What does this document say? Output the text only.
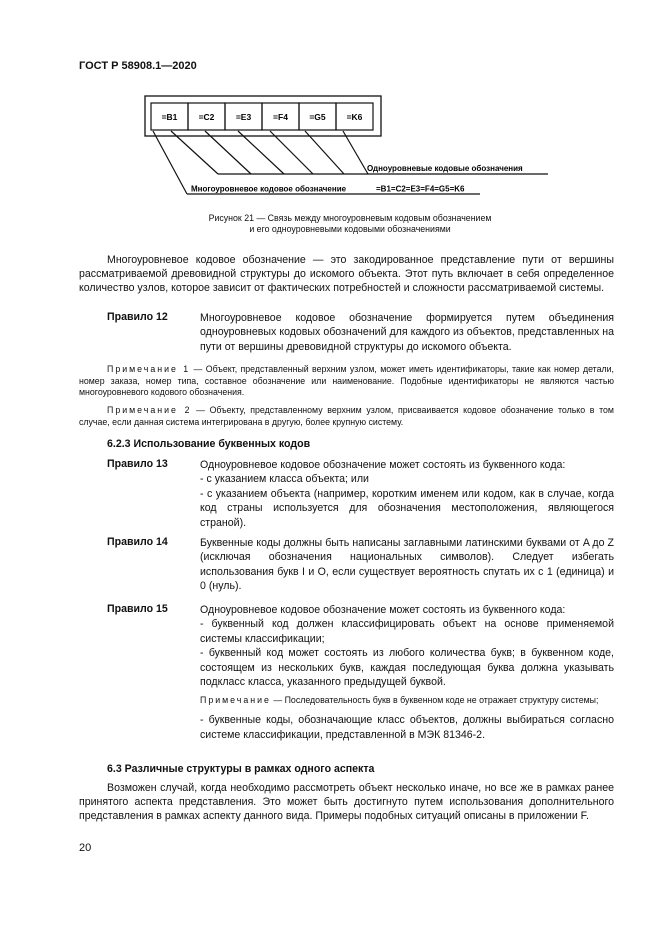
ГОСТ Р 58908.1—2020
=B1 =C2	=E3	=F4	=G5 =K6
Одноуровневые кодовые обозначения
Многоуровневое кодовое обозначение	=B1=C2=E3=F4=G5=K6
Рисунок 21 — Связь между многоуровневым кодовым обозначением
и его одноуровневыми кодовыми обозначениями

Многоуровневое кодовое обозначение — это закодированное представление пути от вершины рассматриваемой древовидной структуры до искомого объекта. Этот путь включает в себя определенное количество узлов, которое зависит от фактических потребностей и сложности рассматриваемой системы.

Правило 12	Многоуровневое кодовое обозначение формируется путем объединения одноуровневых кодовых обозначений для каждого из объектов, представленных на пути от вершины древовидной структуры до искомого объекта.

Примечание 1 — Объект, представленный верхним узлом, может иметь идентификаторы, такие как номер детали, номер заказа, номер типа, составное обозначение или наименование. Подобные идентификаторы не являются частью многоуровневого кодового обозначения.

Примечание 2 — Объекту, представленному верхним узлом, присваивается кодовое обозначение только в том случае, если данная система интегрирована в другую, более крупную систему.

6.2.3 Использование буквенных кодов
Правило 13	Одноуровневое кодовое обозначение может состоять из буквенного кода:
- с указанием класса объекта; или
- с указанием объекта (например, коротким именем или кодом, как в случае, когда код страны используется для обозначения местоположения, являющегося страной).
Правило 14	Буквенные коды должны быть написаны заглавными латинскими буквами от A до Z (исключая обозначения национальных символов). Следует избегать использования букв I и O, если существует вероятность спутать их с 1 (единица) и 0 (нуль).
Правило 15	Одноуровневое кодовое обозначение может состоять из буквенного кода:
- буквенный код должен классифицировать объект на основе применяемой системы классификации;
- буквенный код может состоять из любого количества букв; в буквенном коде, состоящем из нескольких букв, каждая последующая буква должна указывать подкласс класса, указанного предыдущей буквой.
Примечание — Последовательность букв в буквенном коде не отражает структуру системы;
- буквенные коды, обозначающие класс объектов, должны выбираться согласно системе классификации, представленной в МЭК 81346-2.
6.3 Различные структуры в рамках одного аспекта

Возможен случай, когда необходимо рассмотреть объект несколько иначе, но все же в рамках ранее принятого аспекта представления. Это может быть достигнуто путем использования дополнительного представления в рамках аспекту данного вида. Примеры подобных ситуаций описаны в приложении F.

20
